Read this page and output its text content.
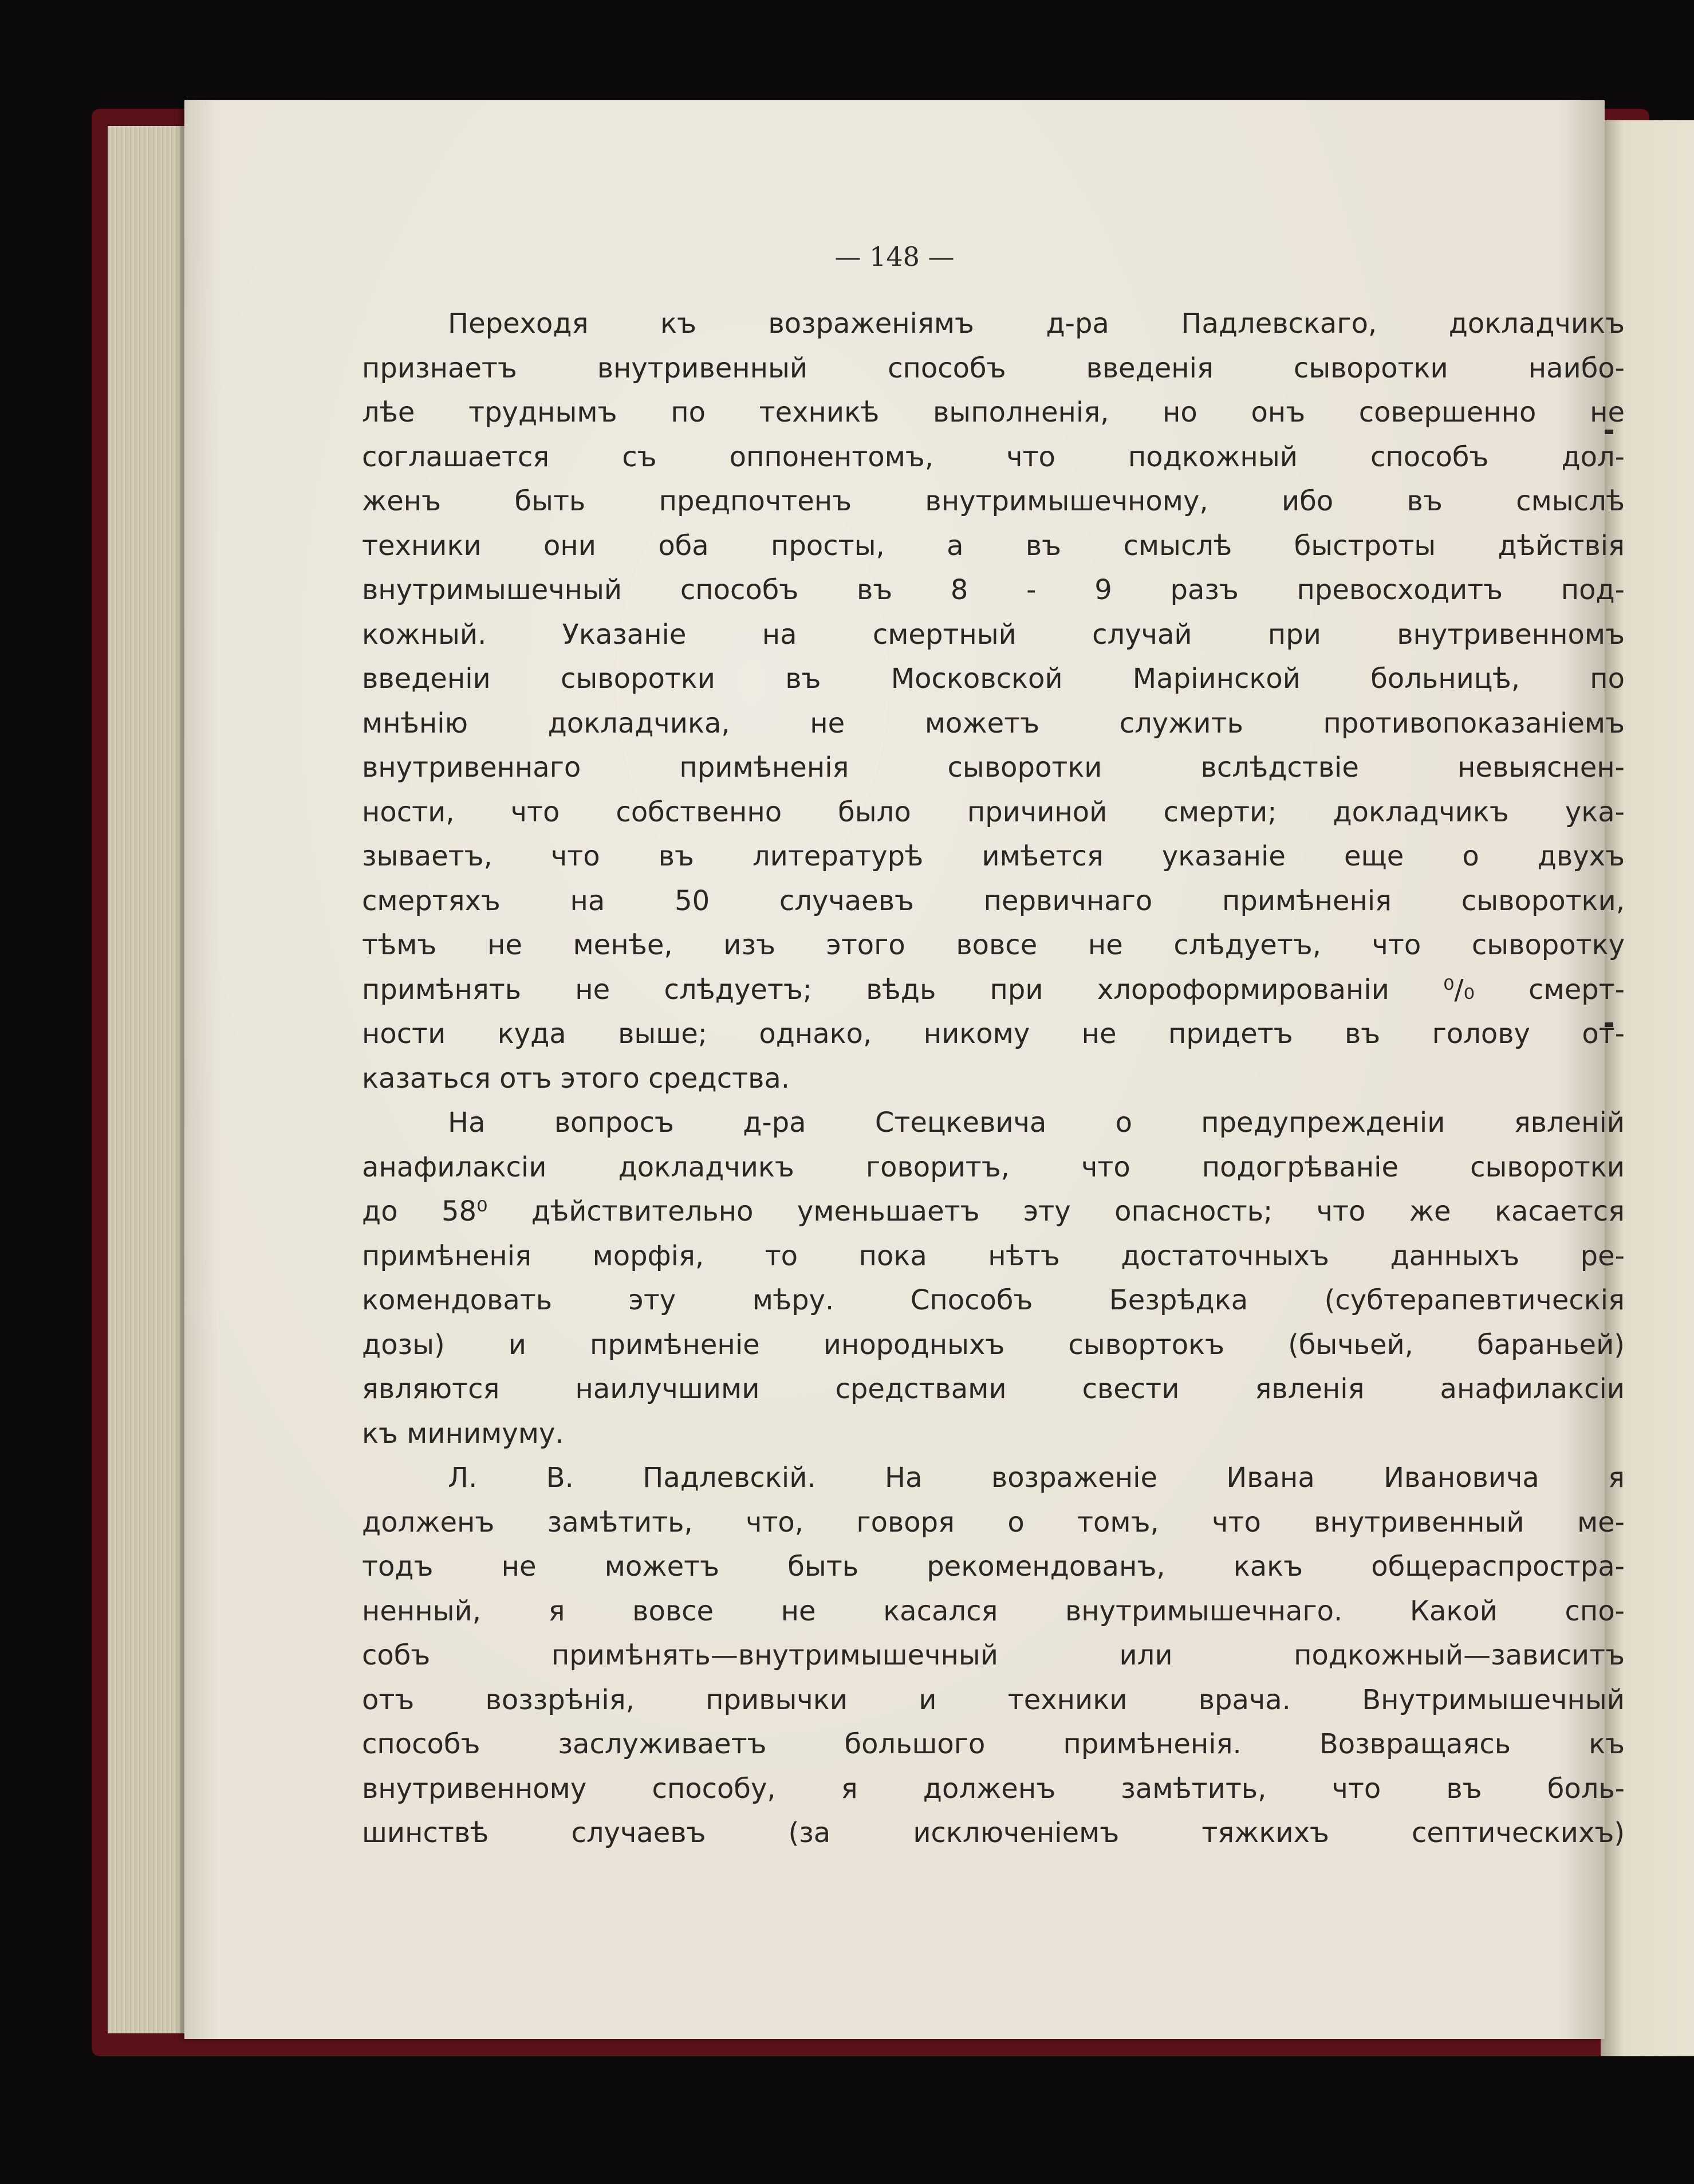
— 148 —
Переходя къ возраженіямъ д-ра Падлевскаго, докладчикъ
признаетъ внутривенный способъ введенія сыворотки наибо-
лѣе труднымъ по техникѣ выполненія, но онъ совершенно не
соглашается съ оппонентомъ, что подкожный способъ дол-
женъ быть предпочтенъ внутримышечному, ибо въ смыслѣ
техники они оба просты, а въ смыслѣ быстроты дѣйствія
внутримышечный способъ въ 8 - 9 разъ превосходитъ под-
кожный. Указаніе на смертный случай при внутривенномъ
введеніи сыворотки въ Московской Маріинской больницѣ, по
мнѣнію докладчика, не можетъ служить противопоказаніемъ
внутривеннаго примѣненія сыворотки вслѣдствіе невыяснен-
ности, что собственно было причиной смерти; докладчикъ ука-
зываетъ, что въ литературѣ имѣется указаніе еще о двухъ
смертяхъ на 50 случаевъ первичнаго примѣненія сыворотки,
тѣмъ не менѣе, изъ этого вовсе не слѣдуетъ, что сыворотку
примѣнять не слѣдуетъ; вѣдь при хлороформированіи ⁰/₀ смерт-
ности куда выше; однако, никому не придетъ въ голову от-
казаться отъ этого средства.
На вопросъ д-ра Стецкевича о предупрежденіи явленій
анафилаксіи докладчикъ говоритъ, что подогрѣваніе сыворотки
до 58⁰ дѣйствительно уменьшаетъ эту опасность; что же касается
примѣненія морфія, то пока нѣтъ достаточныхъ данныхъ ре-
комендовать эту мѣру. Способъ Безрѣдка (субтерапевтическія
дозы) и примѣненіе инородныхъ сывортокъ (бычьей, бараньей)
являются наилучшими средствами свести явленія анафилаксіи
къ минимуму.
Л. В. Падлевскій. На возраженіе Ивана Ивановича я
долженъ замѣтить, что, говоря о томъ, что внутривенный ме-
тодъ не можетъ быть рекомендованъ, какъ общераспростра-
ненный, я вовсе не касался внутримышечнаго. Какой спо-
собъ примѣнять—внутримышечный или подкожный—зависитъ
отъ воззрѣнія, привычки и техники врача. Внутримышечный
способъ заслуживаетъ большого примѣненія. Возвращаясь къ
внутривенному способу, я долженъ замѣтить, что въ боль-
шинствѣ случаевъ (за исключеніемъ тяжкихъ септическихъ)
